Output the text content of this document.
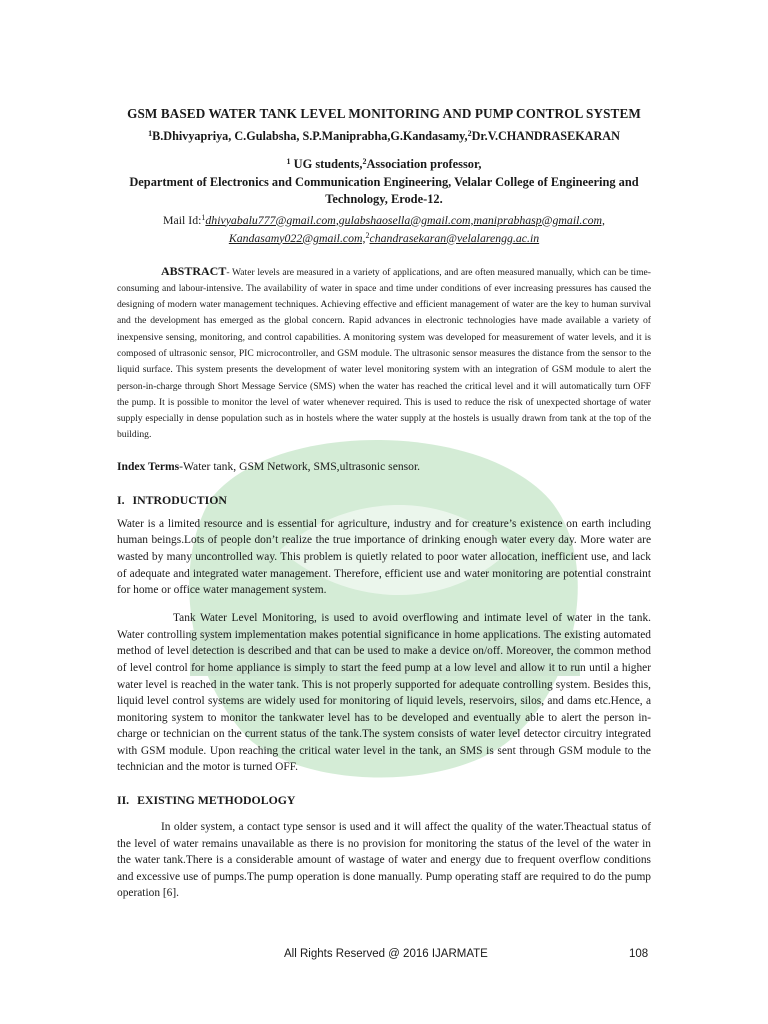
GSM BASED WATER TANK LEVEL MONITORING AND PUMP CONTROL SYSTEM
$^1$B.Dhivyapriya, C.Gulabsha, S.P.Maniprabha,G.Kandasamy,$^2$Dr.V.CHANDRASEKARAN
$^1$ UG students,$^2$Association professor,
Department of Electronics and Communication Engineering, Velalar College of Engineering and Technology, Erode-12.
Mail Id:$^1$dhivyabalu777@gmail.com,gulabshaosella@gmail.com,maniprabhasp@gmail.com,
Kandasamy022@gmail.com,$^2$chandrasekaran@velalarengg.ac.in

ABSTRACT- Water levels are measured in a variety of applications, and are often measured manually, which can be time-consuming and labour-intensive. The availability of water in space and time under conditions of ever increasing pressures has caused the designing of modern water management techniques. Achieving effective and efficient management of water are the key to human survival and the development has emerged as the global concern. Rapid advances in electronic technologies have made available a variety of inexpensive sensing, monitoring, and control capabilities. A monitoring system was developed for measurement of water levels, and it is composed of ultrasonic sensor, PIC microcontroller, and GSM module. The ultrasonic sensor measures the distance from the sensor to the liquid surface. This system presents the development of water level monitoring system with an integration of GSM module to alert the person-in-charge through Short Message Service (SMS) when the water has reached the critical level and it will automatically turn OFF the pump. It is possible to monitor the level of water whenever required. This is used to reduce the risk of unexpected shortage of water supply especially in dense population such as in hostels where the water supply at the hostels is usually drawn from tank at the top of the building.

Index Terms-Water tank, GSM Network, SMS,ultrasonic sensor.
I. INTRODUCTION

Water is a limited resource and is essential for agriculture, industry and for creature’s existence on earth including human beings.Lots of people don’t realize the true importance of drinking enough water every day. More water are wasted by many uncontrolled way. This problem is quietly related to poor water allocation, inefficient use, and lack of adequate and integrated water management. Therefore, efficient use and water monitoring are potential constraint for home or office water management system.

Tank Water Level Monitoring, is used to avoid overflowing and intimate level of water in the tank. Water controlling system implementation makes potential significance in home applications. The existing automated method of level detection is described and that can be used to make a device on/off. Moreover, the common method of level control for home appliance is simply to start the feed pump at a low level and allow it to run until a higher water level is reached in the water tank. This is not properly supported for adequate controlling system. Besides this, liquid level control systems are widely used for monitoring of liquid levels, reservoirs, silos, and dams etc.Hence, a monitoring system to monitor the tankwater level has to be developed and eventually able to alert the person in-charge or technician on the current status of the tank.The system consists of water level detector circuitry integrated with GSM module. Upon reaching the critical water level in the tank, an SMS is sent through GSM module to the technician and the motor is turned OFF.

II. EXISTING METHODOLOGY

In older system, a contact type sensor is used and it will affect the quality of the water.Theactual status of the level of water remains unavailable as there is no provision for monitoring the status of the level of the water in the water tank.There is a considerable amount of wastage of water and energy due to frequent overflow conditions and excessive use of pumps.The pump operation is done manually. Pump operating staff are required to do the pump operation [6].

All Rights Reserved @ 2016 IJARMATE	108
